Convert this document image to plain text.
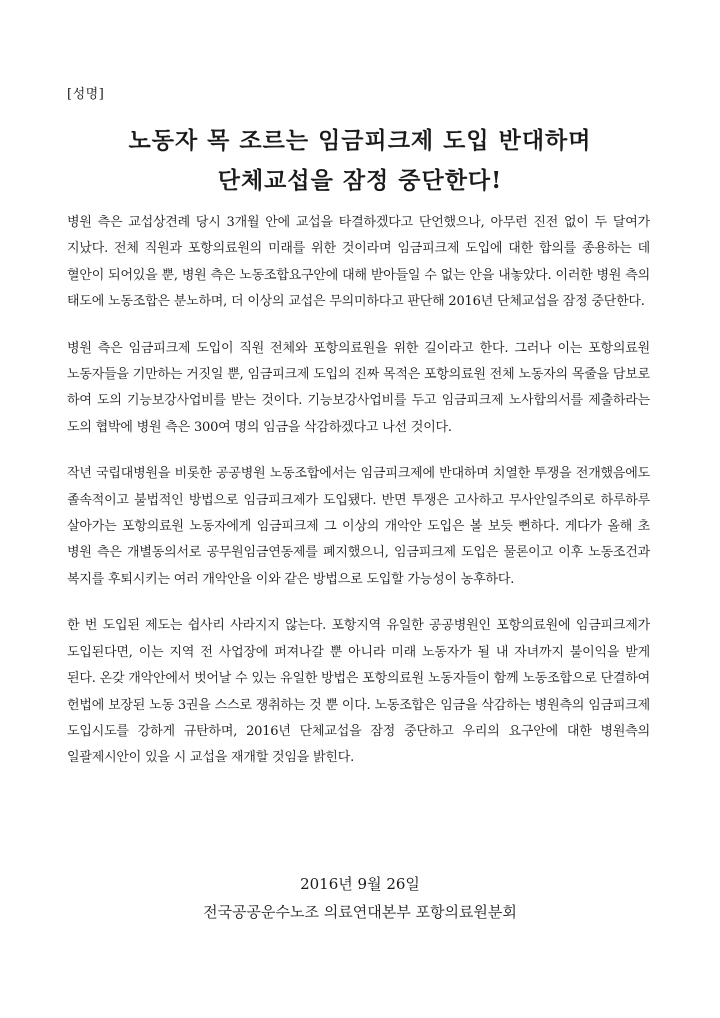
[성명]
노동자 목 조르는 임금피크제 도입 반대하며
단체교섭을 잠정 중단한다!

병원 측은 교섭상견례 당시 3개월 안에 교섭을 타결하겠다고 단언했으나, 아무런 진전 없이 두 달여가 지났다. 전체 직원과 포항의료원의 미래를 위한 것이라며 임금피크제 도입에 대한 합의를 종용하는 데 혈안이 되어있을 뿐, 병원 측은 노동조합요구안에 대해 받아들일 수 없는 안을 내놓았다. 이러한 병원 측의 태도에 노동조합은 분노하며, 더 이상의 교섭은 무의미하다고 판단해 2016년 단체교섭을 잠정 중단한다.

병원 측은 임금피크제 도입이 직원 전체와 포항의료원을 위한 길이라고 한다. 그러나 이는 포항의료원 노동자들을 기만하는 거짓일 뿐, 임금피크제 도입의 진짜 목적은 포항의료원 전체 노동자의 목줄을 담보로 하여 도의 기능보강사업비를 받는 것이다. 기능보강사업비를 두고 임금피크제 노사합의서를 제출하라는 도의 협박에 병원 측은 300여 명의 임금을 삭감하겠다고 나선 것이다.

작년 국립대병원을 비롯한 공공병원 노동조합에서는 임금피크제에 반대하며 치열한 투쟁을 전개했음에도 졸속적이고 불법적인 방법으로 임금피크제가 도입됐다. 반면 투쟁은 고사하고 무사안일주의로 하루하루 살아가는 포항의료원 노동자에게 임금피크제 그 이상의 개악안 도입은 볼 보듯 뻔하다. 게다가 올해 초 병원 측은 개별동의서로 공무원임금연동제를 폐지했으니, 임금피크제 도입은 물론이고 이후 노동조건과 복지를 후퇴시키는 여러 개악안을 이와 같은 방법으로 도입할 가능성이 농후하다.

한 번 도입된 제도는 쉽사리 사라지지 않는다. 포항지역 유일한 공공병원인 포항의료원에 임금피크제가 도입된다면, 이는 지역 전 사업장에 퍼져나갈 뿐 아니라 미래 노동자가 될 내 자녀까지 불이익을 받게 된다. 온갖 개악안에서 벗어날 수 있는 유일한 방법은 포항의료원 노동자들이 함께 노동조합으로 단결하여 헌법에 보장된 노동 3권을 스스로 쟁취하는 것 뿐 이다. 노동조합은 임금을 삭감하는 병원측의 임금피크제 도입시도를 강하게 규탄하며, 2016년 단체교섭을 잠정 중단하고 우리의 요구안에 대한 병원측의 일괄제시안이 있을 시 교섭을 재개할 것임을 밝힌다.

2016년 9월 26일
전국공공운수노조 의료연대본부 포항의료원분회
